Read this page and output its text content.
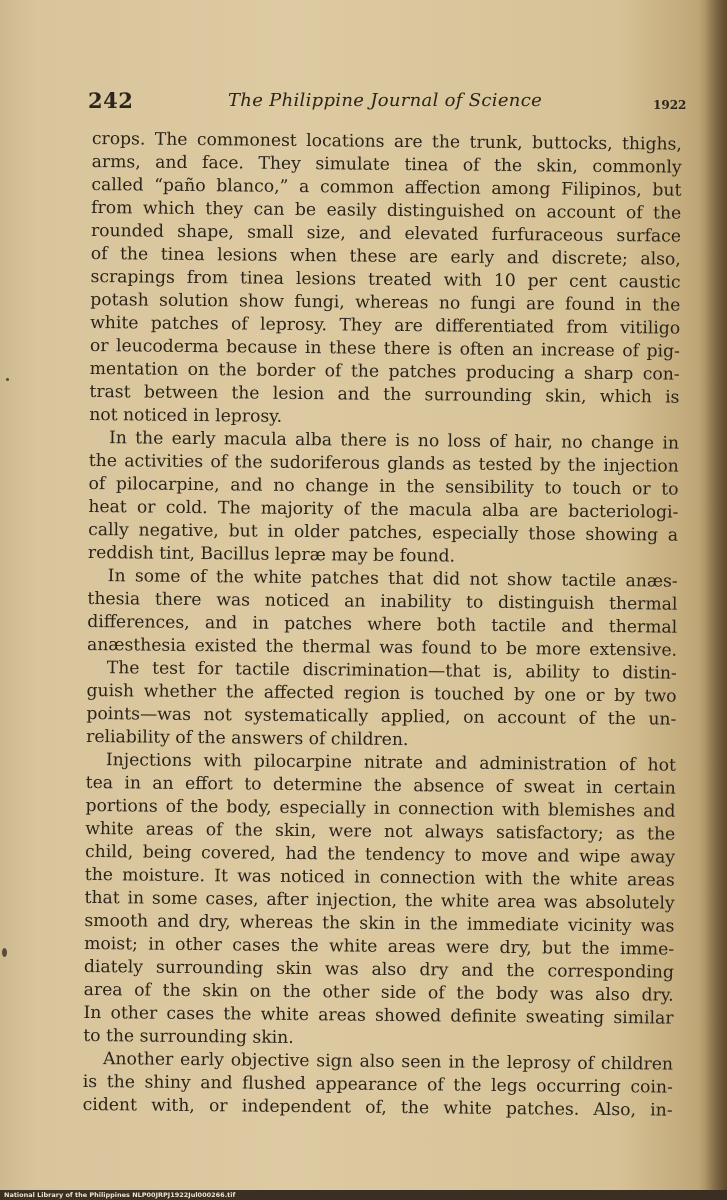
242	The Philippine Journal of Science	1922
crops. The commonest locations are the trunk, buttocks, thighs,
arms, and face. They simulate tinea of the skin, commonly
called “paño blanco,” a common affection among Filipinos, but
from which they can be easily distinguished on account of the
rounded shape, small size, and elevated furfuraceous surface
of the tinea lesions when these are early and discrete; also,
scrapings from tinea lesions treated with 10 per cent caustic
potash solution show fungi, whereas no fungi are found in the
white patches of leprosy. They are differentiated from vitiligo
or leucoderma because in these there is often an increase of pig-
mentation on the border of the patches producing a sharp con-
trast between the lesion and the surrounding skin, which is
not noticed in leprosy.
In the early macula alba there is no loss of hair, no change in
the activities of the sudoriferous glands as tested by the injection
of pilocarpine, and no change in the sensibility to touch or to
heat or cold. The majority of the macula alba are bacteriologi-
cally negative, but in older patches, especially those showing a
reddish tint, Bacillus lepræ may be found.
In some of the white patches that did not show tactile anæs-
thesia there was noticed an inability to distinguish thermal
differences, and in patches where both tactile and thermal
anæsthesia existed the thermal was found to be more extensive.
The test for tactile discrimination—that is, ability to distin-
guish whether the affected region is touched by one or by two
points—was not systematically applied, on account of the un-
reliability of the answers of children.
Injections with pilocarpine nitrate and administration of hot
tea in an effort to determine the absence of sweat in certain
portions of the body, especially in connection with blemishes and
white areas of the skin, were not always satisfactory; as the
child, being covered, had the tendency to move and wipe away
the moisture. It was noticed in connection with the white areas
that in some cases, after injection, the white area was absolutely
smooth and dry, whereas the skin in the immediate vicinity was
moist; in other cases the white areas were dry, but the imme-
diately surrounding skin was also dry and the corresponding
area of the skin on the other side of the body was also dry.
In other cases the white areas showed definite sweating similar
to the surrounding skin.
Another early objective sign also seen in the leprosy of children
is the shiny and flushed appearance of the legs occurring coin-
cident with, or independent of, the white patches. Also, in-
National Library of the Philippines NLP00JRPJ1922Jul000266.tif
